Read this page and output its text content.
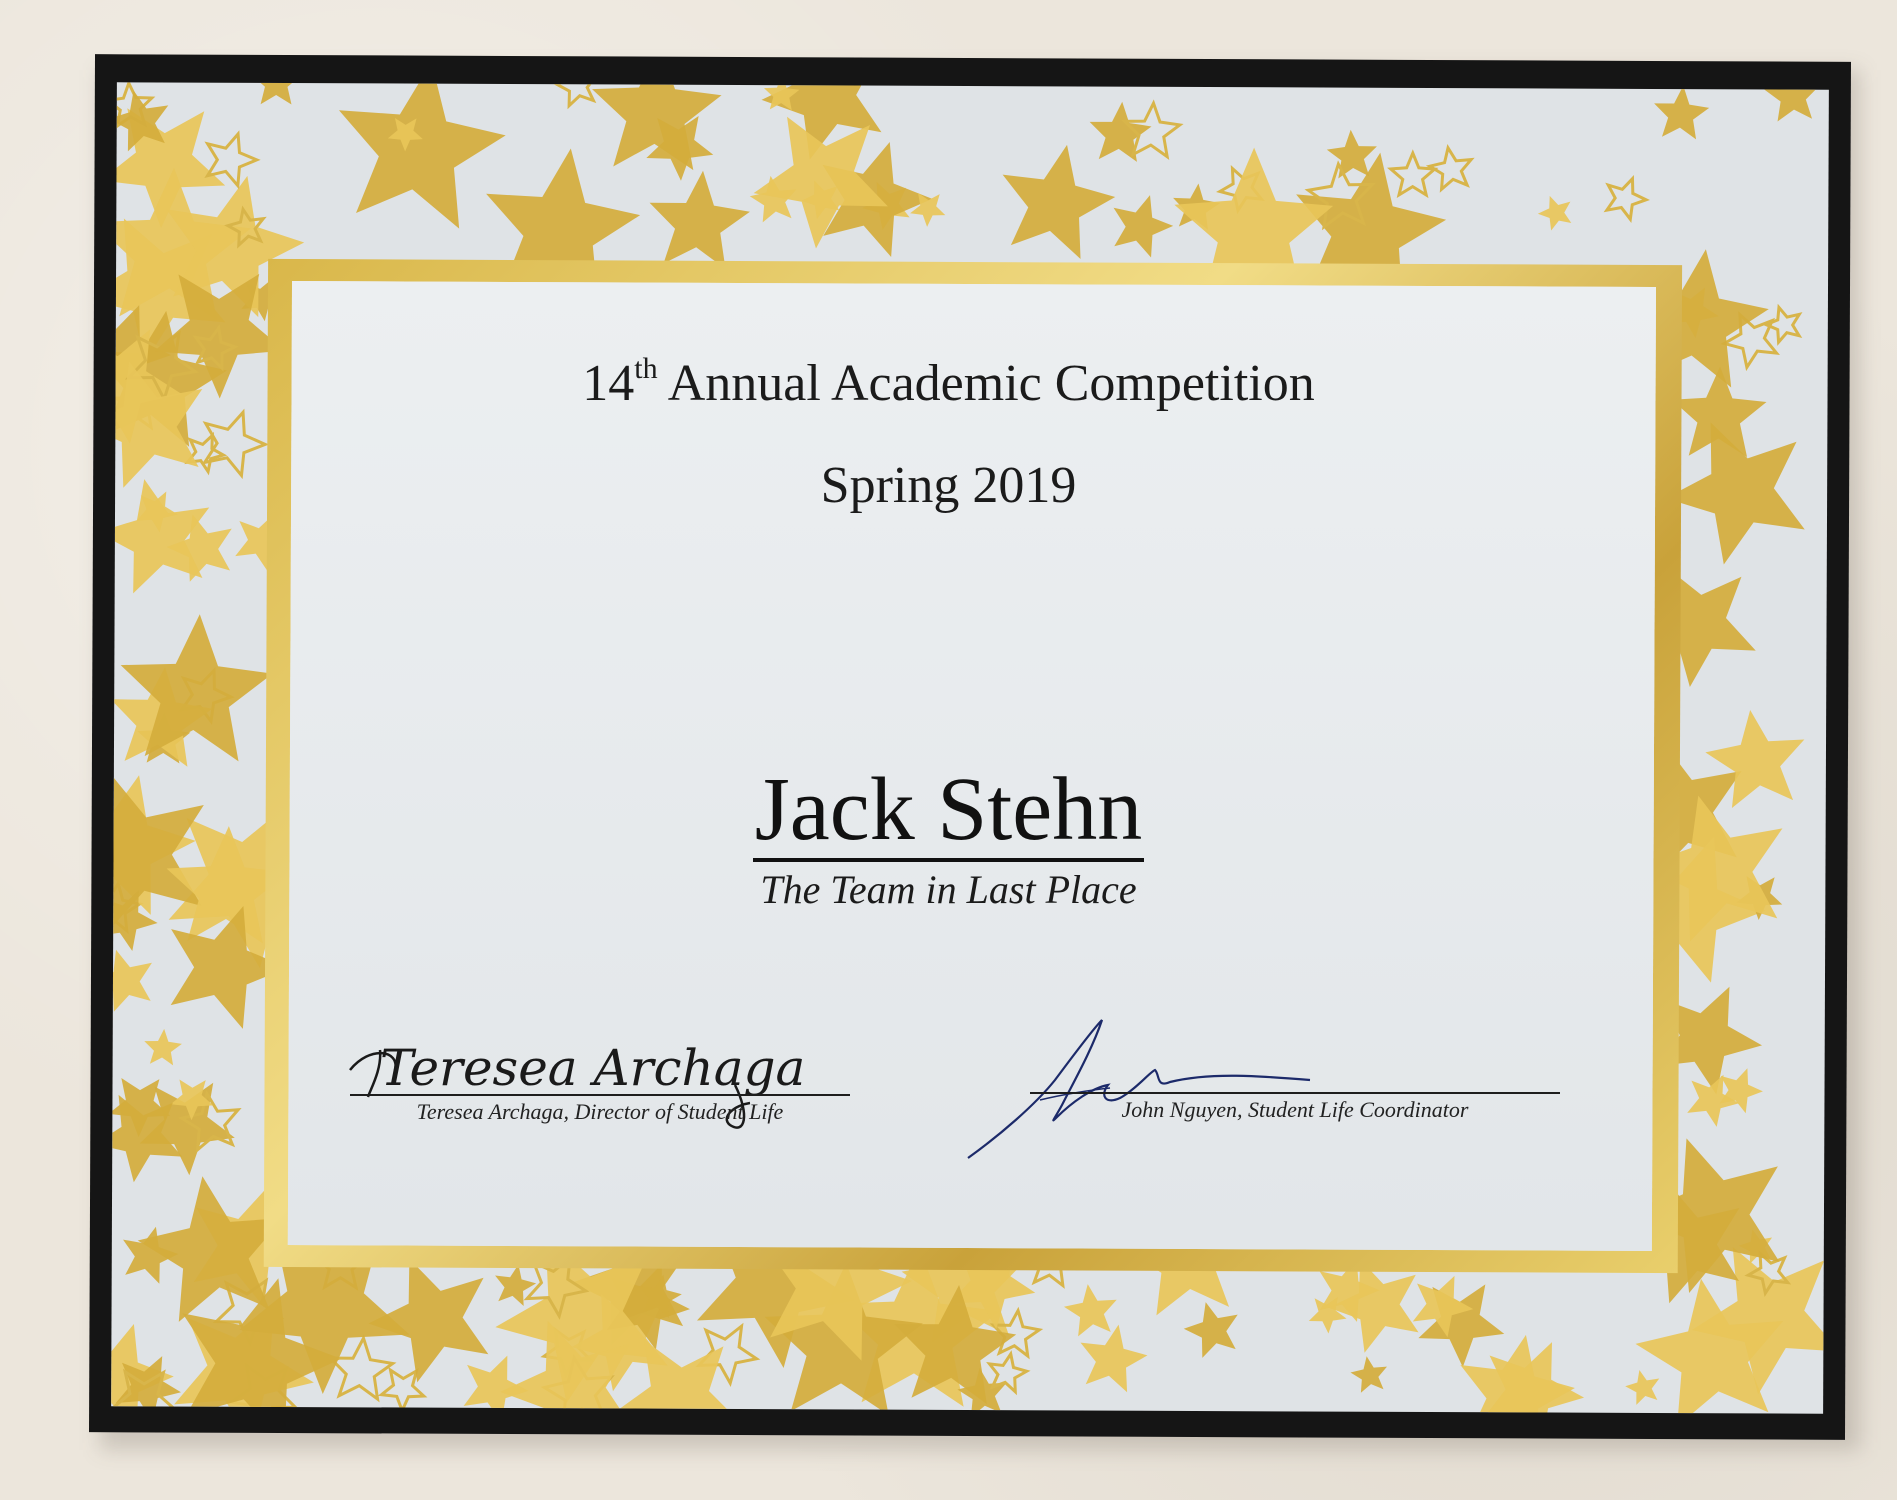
14th Annual Academic Competition
Spring 2019
Jack Stehn
The Team in Last Place
Teresea Archaga
Teresea Archaga, Director of Student Life	John Nguyen, Student Life Coordinator
